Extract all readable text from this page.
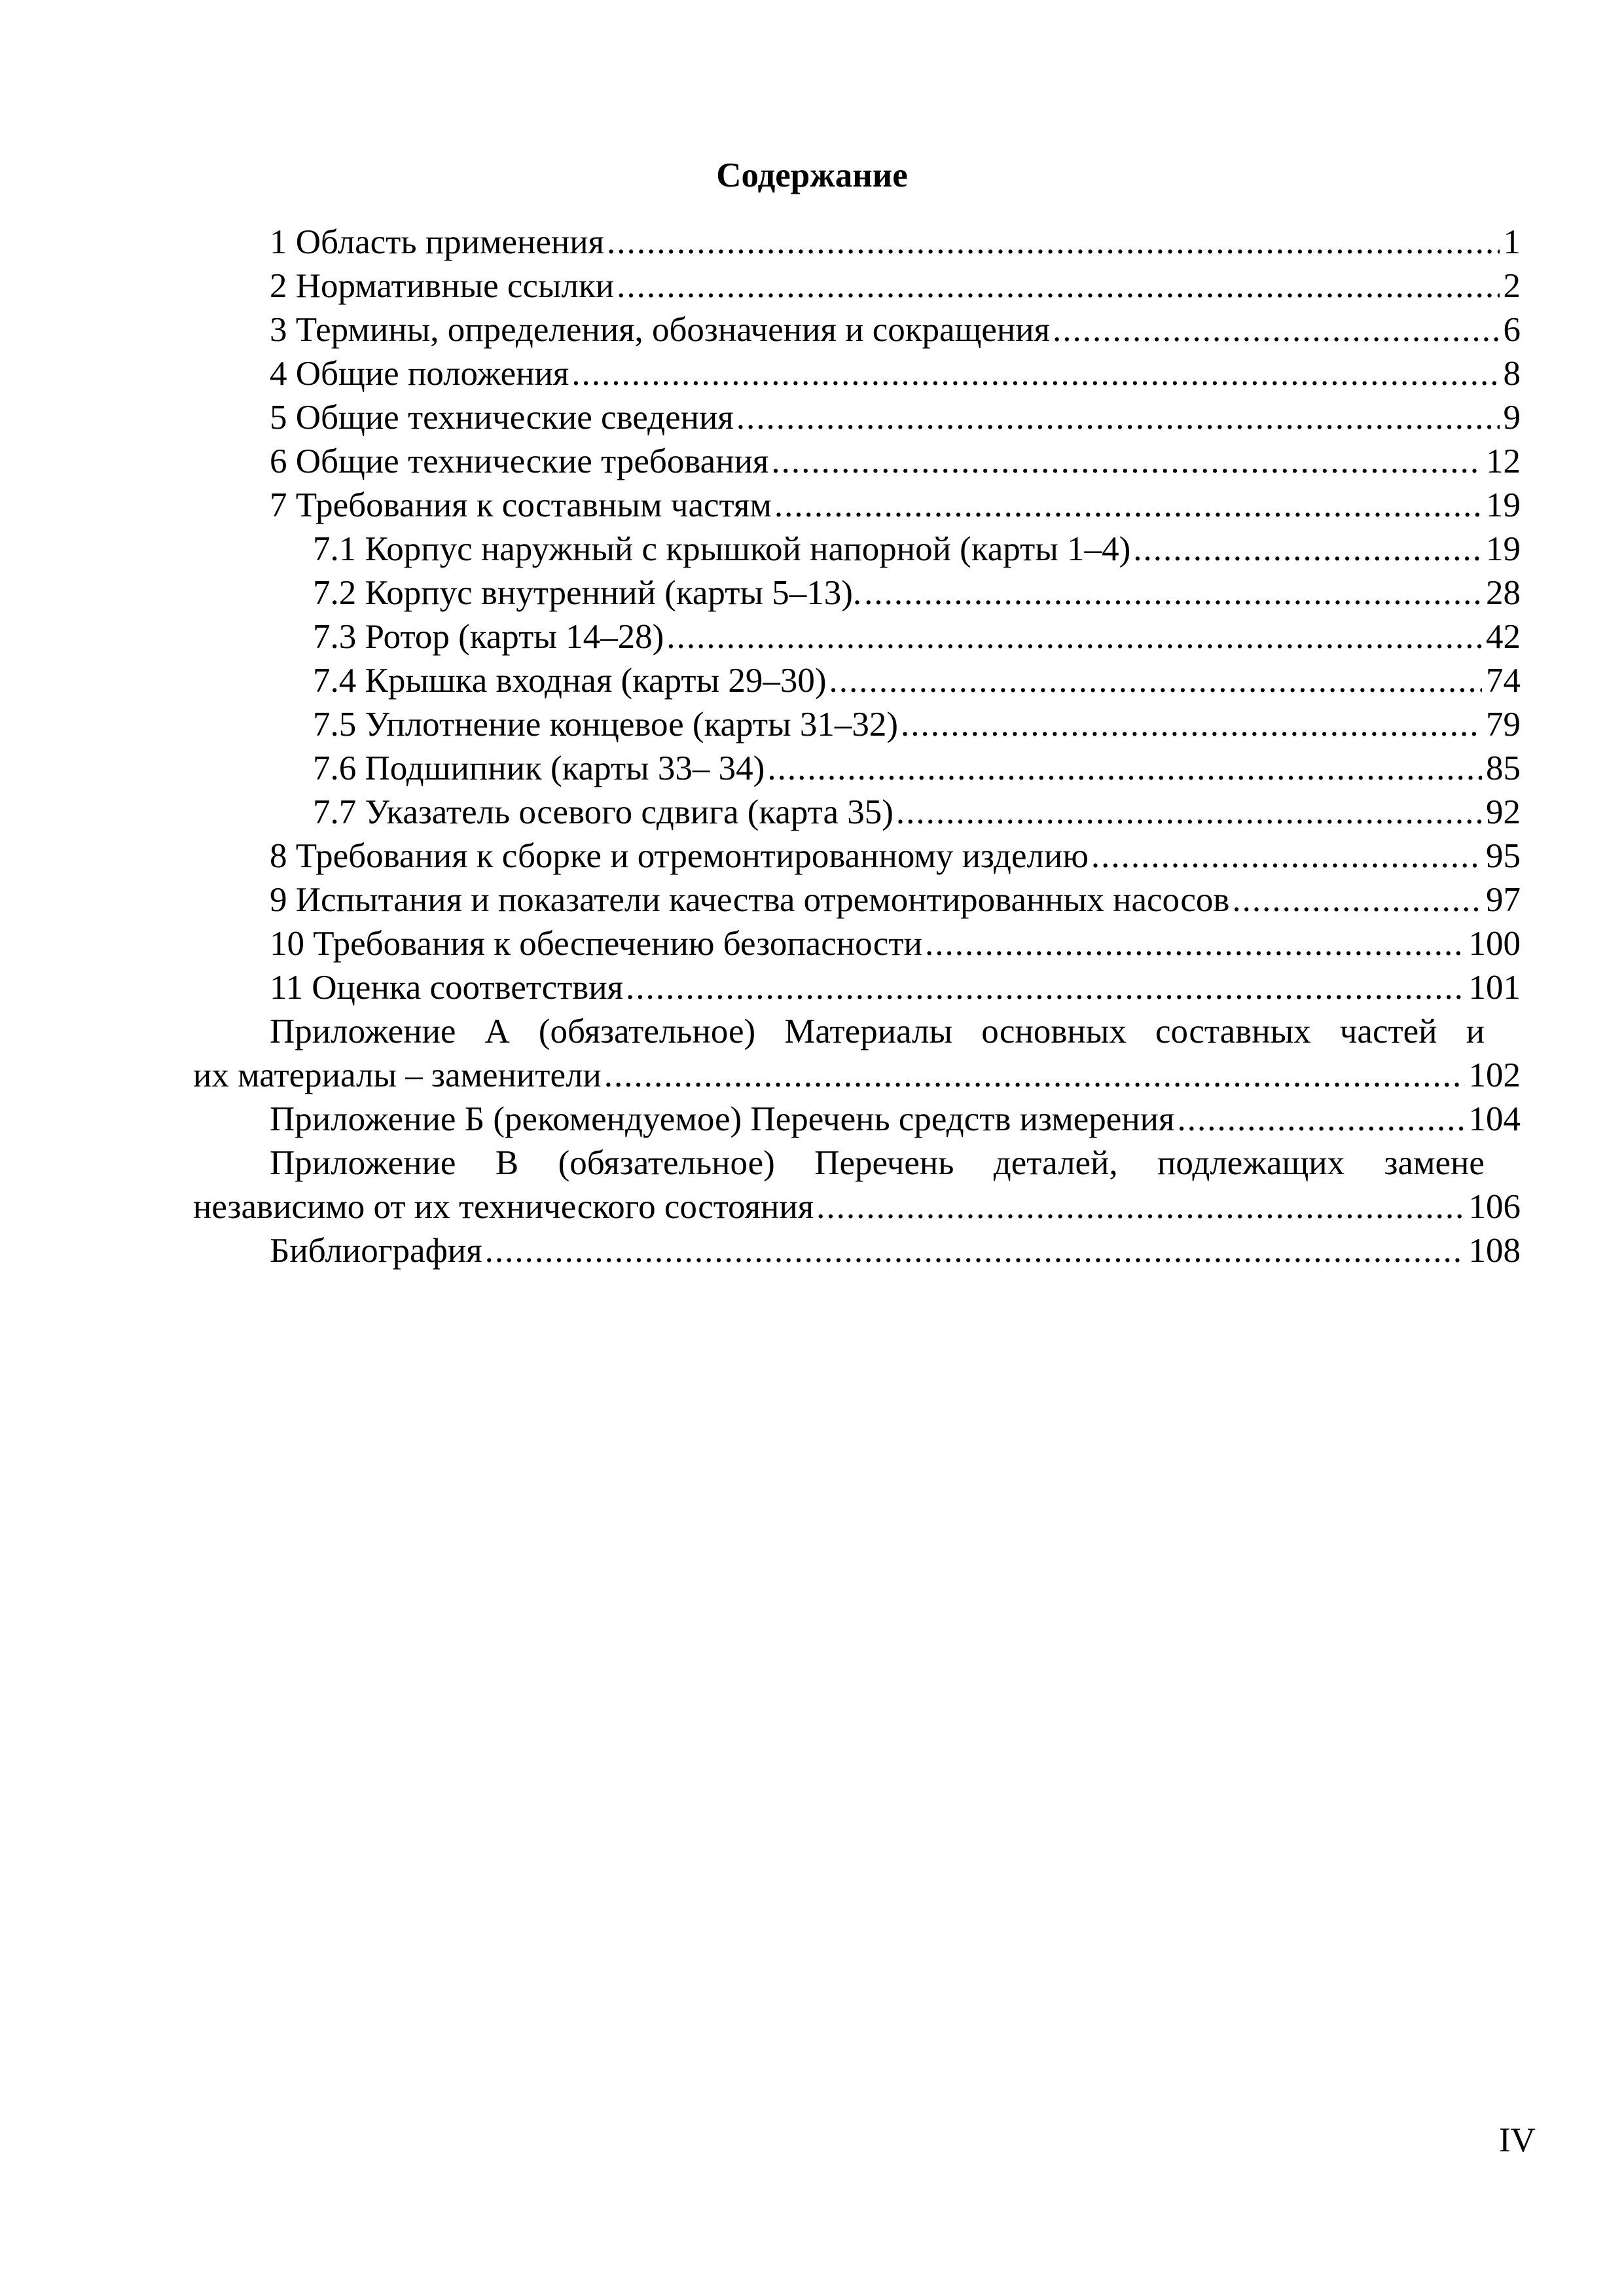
Содержание
1 Область применения .....	1
2 Нормативные ссылки .....	2
3 Термины, определения, обозначения и сокращения .....	6
4 Общие положения .....	8
5 Общие технические сведения .....	9
6 Общие технические требования .....	12
7 Требования к составным частям .....	19
7.1 Корпус наружный с крышкой напорной (карты 1–4) .....	19
7.2 Корпус внутренний (карты 5–13). .....	28
7.3 Ротор (карты 14–28) .....	42
7.4 Крышка входная (карты 29–30) .....	74
7.5 Уплотнение концевое (карты 31–32) .....	79
7.6 Подшипник (карты 33– 34) .....	85
7.7 Указатель осевого сдвига (карта 35) .....	92
8 Требования к сборке и отремонтированному изделию .....	95
9 Испытания и показатели качества отремонтированных насосов .....	97
10 Требования к обеспечению безопасности .....	100
11 Оценка соответствия .....	101
Приложение А (обязательное) Материалы основных составных частей и
их материалы – заменители .....	102
Приложение Б (рекомендуемое) Перечень средств измерения .....	104
Приложение В (обязательное) Перечень деталей, подлежащих замене
независимо от их технического состояния .....	106
Библиография .....	108
IV
